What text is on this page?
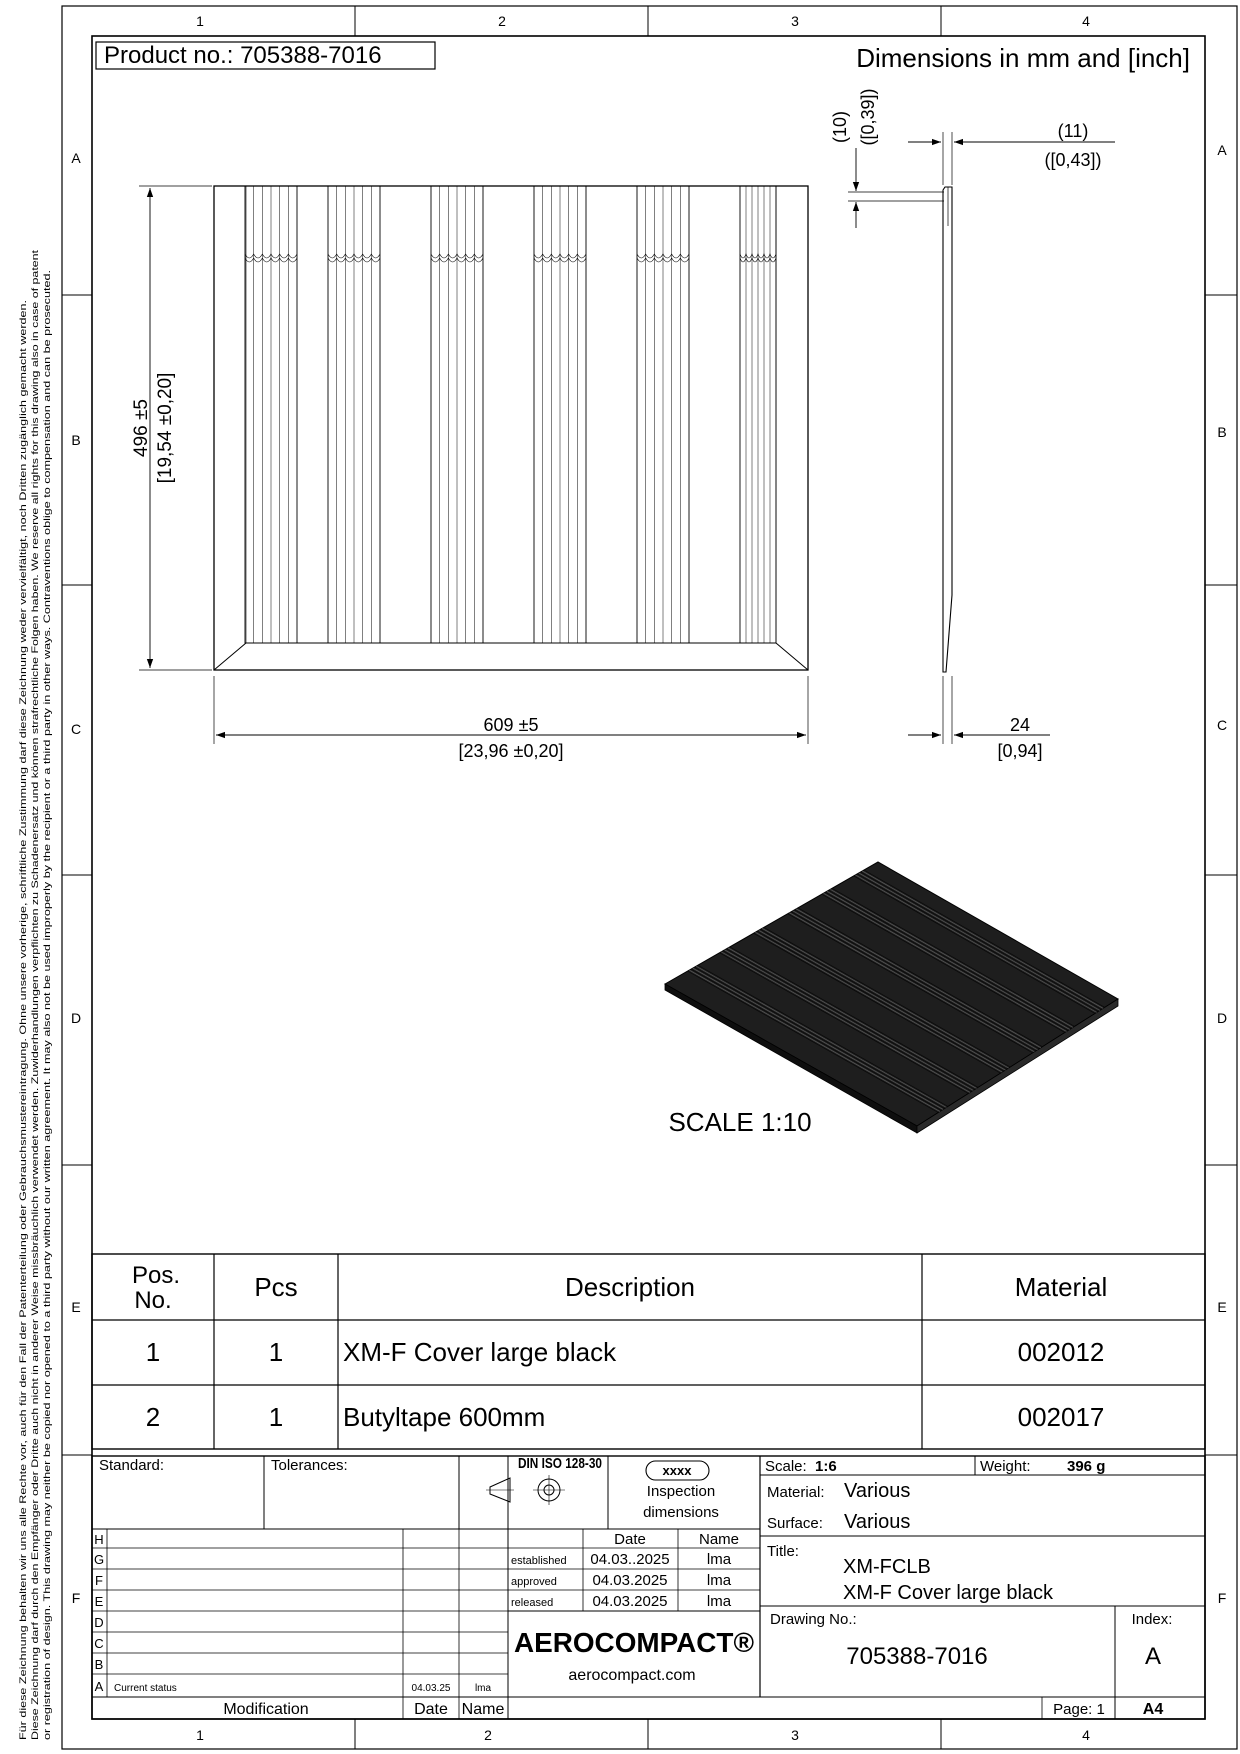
1	2	3	4
1	2	3	4
A
B
C
D
E
F
A
B
C
D
E
F
Für diese Zeichnung behalten wir uns alle Rechte vor, auch für den Fall der Patenterteilung oder Gebrauchsmustereintragung. Ohne unsere vorherige, schriftliche Zustimmung darf diese Zeichnung weder vervielfältigt, noch Dritten zugänglich gemacht werden. Diese Zeichnung darf durch den Empfänger oder Dritte auch nicht in anderer Weise missbräuchlich verwendet werden. Zuwiderhandlungen verpflichten zu Schadenersatz und können strafrechtliche Folgen haben. We reserve all rights for this drawing also in case of patent or registration of design. This drawing may neither be copied nor opened to a third party without our written agreement. It may also not be used improperly by the recipient or a third party in other ways. Contraventions oblige to compensation and can be prosecuted.
Product no.: 705388-7016	Dimensions in mm and [inch]
496 ±5 [19,54 ±0,20]
609 ±5
[23,96 ±0,20]
(10) ([0,39])	(11)
([0,43])
24
[0,94]
SCALE 1:10
Pos.
No.	Pcs	Description	Material
1	1 XM-F Cover large black	002012
2	1 Butyltape 600mm	002017
Standard:	Tolerances:	DIN ISO 128-30	xxxx
Inspection
dimensions
Date	Name
established 04.03..2025 lma
approved 04.03.2025	lma
released	04.03.2025	lma
H
G
F
E
D
C
B
A Current status	04.03.25 lma
Modification	Date Name
AEROCOMPACT®
aerocompact.com
Scale: 1:6	Weight: 396 g
Material: Various
Surface: Various
Title:
XM-FCLB
XM-F Cover large black
Drawing No.:
705388-7016
Index:
A
Page: 1 A4
